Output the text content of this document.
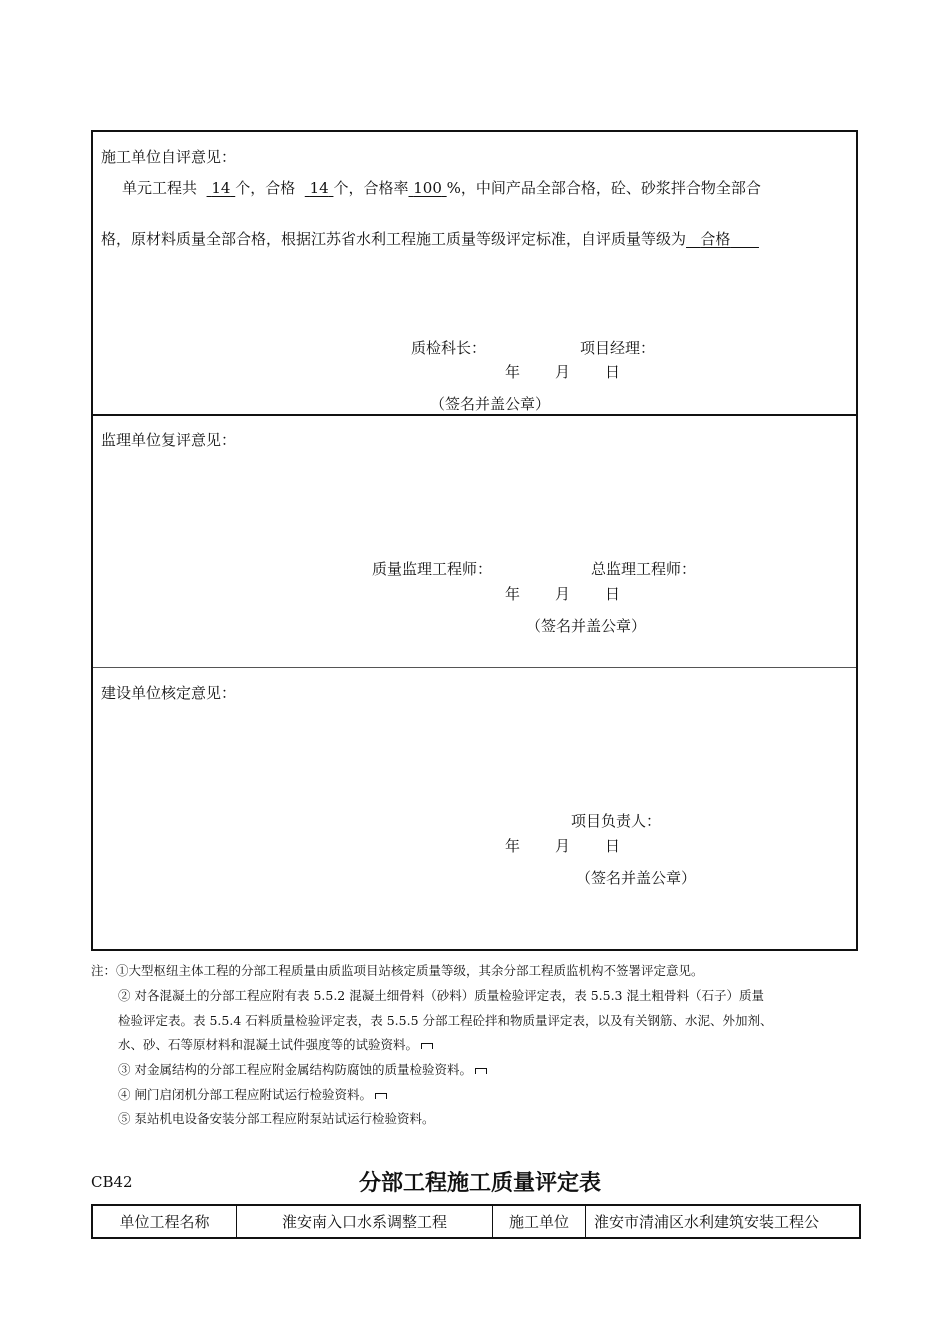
施工单位自评意见：
单元工程共 14 个，合格 14 个，合格率 100 %，中间产品全部合格，砼、砂浆拌合物全部合
格，原材料质量全部合格，根据江苏省水利工程施工质量等级评定标准，自评质量等级为 合格
质检科长：	项目经理：
年 月 日
（签名并盖公章）
监理单位复评意见：
质量监理工程师：	总监理工程师：
年 月 日
（签名并盖公章）
建设单位核定意见：
项目负责人：
年 月 日
（签名并盖公章）
注：①大型枢纽主体工程的分部工程质量由质监项目站核定质量等级，其余分部工程质监机构不签署评定意见。
② 对各混凝土的分部工程应附有表 5.5.2 混凝土细骨料（砂料）质量检验评定表，表 5.5.3 混土粗骨料（石子）质量
检验评定表。表 5.5.4 石料质量检验评定表，表 5.5.5 分部工程砼拌和物质量评定表，以及有关钢筋、水泥、外加剂、
水、砂、石等原材料和混凝土试件强度等的试验资料。
③ 对金属结构的分部工程应附金属结构防腐蚀的质量检验资料。
④ 闸门启闭机分部工程应附试运行检验资料。
⑤ 泵站机电设备安装分部工程应附泵站试运行检验资料。
CB42	分部工程施工质量评定表
单位工程名称	淮安南入口水系调整工程	施工单位	淮安市清浦区水利建筑安装工程公
